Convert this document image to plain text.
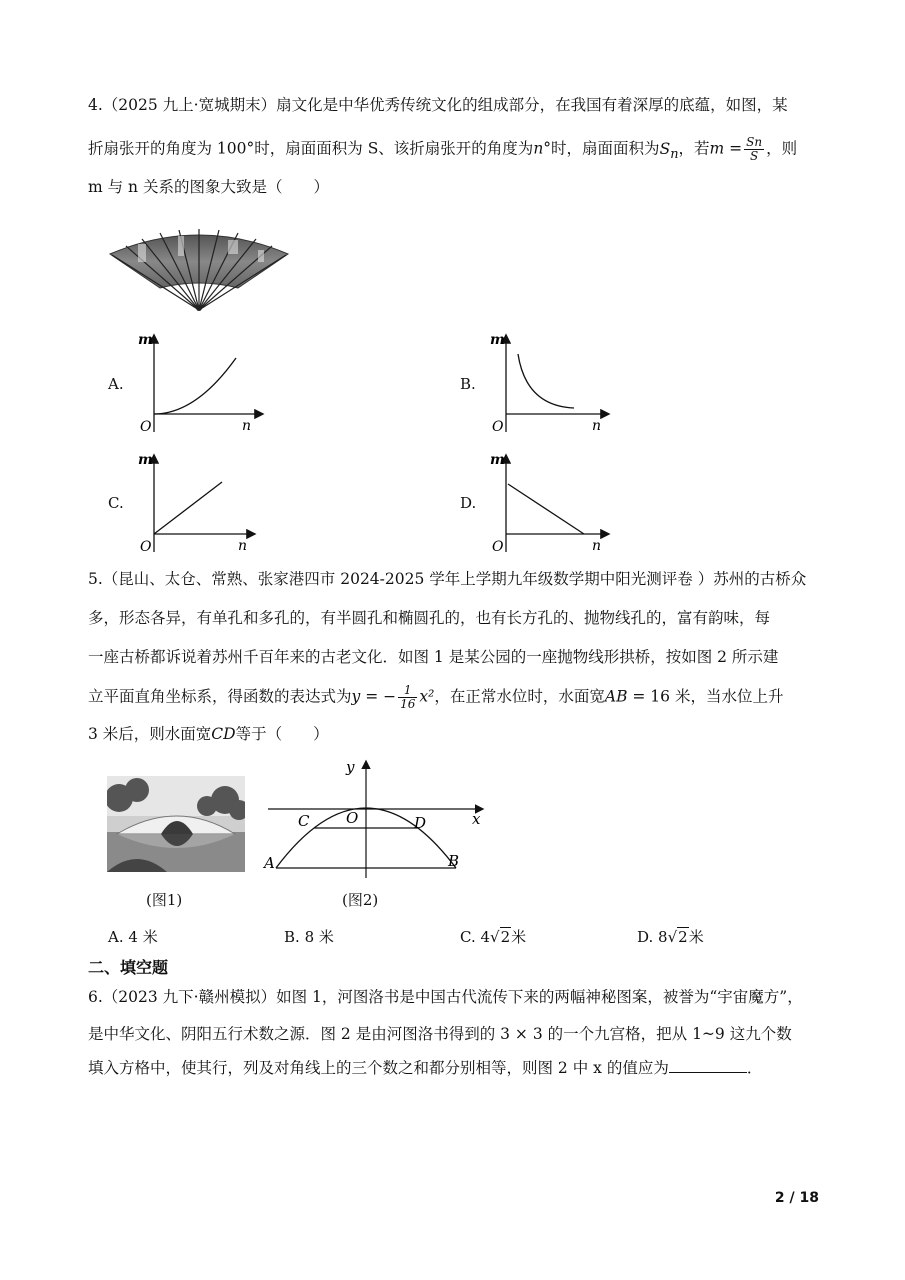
4.（2025 九上·宽城期末）扇文化是中华优秀传统文化的组成部分，在我国有着深厚的底蕴，如图，某
折扇张开的角度为 100°时，扇面面积为 S、该折扇张开的角度为n°时，扇面面积为$S_n$，若$m = \frac{Sn}{S}$ ，则
m 与 n 关系的图象大致是（　　）
A.
m
n
O
B.
m
n
O
C.
m
n
O
D.
m
n
O
5.（昆山、太仓、常熟、张家港四市 2024-2025 学年上学期九年级数学期中阳光测评卷 ）苏州的古桥众
多，形态各异，有单孔和多孔的，有半圆孔和椭圆孔的，也有长方孔的、抛物线孔的，富有韵味，每
一座古桥都诉说着苏州千百年来的古老文化．如图 1 是某公园的一座抛物线形拱桥，按如图 2 所示建
立平面直角坐标系，得函数的表达式为y = − $\frac{1}{16} x^2$，在正常水位时，水面宽AB = 16 米，当水位上升
3 米后，则水面宽CD等于（　　）
y
x
O
C	D
A	B
(图1)	(图2)
A. 4 米	B. 8 米	C. 4√2米	D. 8√2米
二、填空题
6.（2023 九下·赣州模拟）如图 1，河图洛书是中国古代流传下来的两幅神秘图案，被誉为“宇宙魔方”，
是中华文化、阴阳五行术数之源．图 2 是由河图洛书得到的 3 × 3 的一个九宫格，把从 1~9 这九个数
填入方格中，使其行，列及对角线上的三个数之和都分别相等，则图 2 中 x 的值应为	．
2 / 18
